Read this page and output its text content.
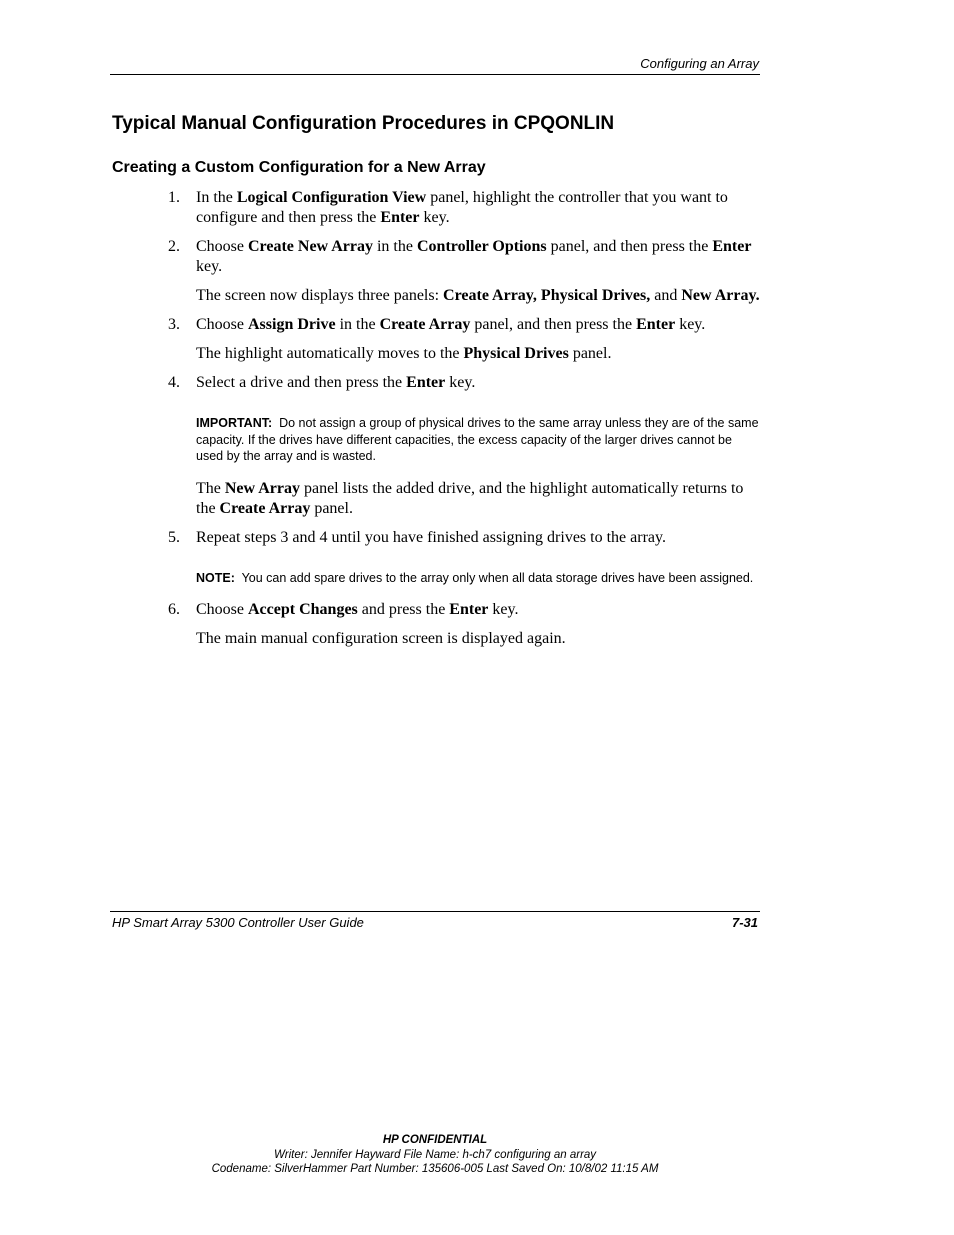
Configuring an Array
Typical Manual Configuration Procedures in CPQONLIN
Creating a Custom Configuration for a New Array
1. In the Logical Configuration View panel, highlight the controller that you want to configure and then press the Enter key.
2. Choose Create New Array in the Controller Options panel, and then press the Enter key.
The screen now displays three panels: Create Array, Physical Drives, and New Array.
3. Choose Assign Drive in the Create Array panel, and then press the Enter key.
The highlight automatically moves to the Physical Drives panel.
4. Select a drive and then press the Enter key.
IMPORTANT:  Do not assign a group of physical drives to the same array unless they are of the same capacity. If the drives have different capacities, the excess capacity of the larger drives cannot be used by the array and is wasted.
The New Array panel lists the added drive, and the highlight automatically returns to the Create Array panel.
5. Repeat steps 3 and 4 until you have finished assigning drives to the array.
NOTE:  You can add spare drives to the array only when all data storage drives have been assigned.
6. Choose Accept Changes and press the Enter key.
The main manual configuration screen is displayed again.
HP Smart Array 5300 Controller User Guide	7-31
HP CONFIDENTIAL
Writer: Jennifer Hayward File Name: h-ch7 configuring an array
Codename: SilverHammer Part Number: 135606-005 Last Saved On: 10/8/02 11:15 AM
